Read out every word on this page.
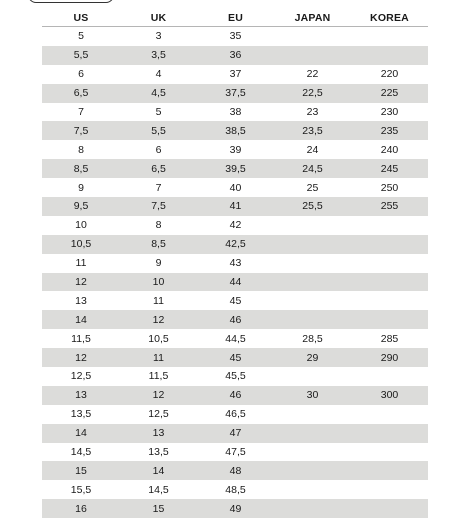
US	UK	EU	JAPAN	KOREA
5	3	35
5,5	3,5	36
6	4	37	22	220
6,5	4,5	37,5	22,5	225
7	5	38	23	230
7,5	5,5	38,5	23,5	235
8	6	39	24	240
8,5	6,5	39,5	24,5	245
9	7	40	25	250
9,5	7,5	41	25,5	255
10	8	42
10,5	8,5	42,5
11	9	43
12	10	44
13	11	45
14	12	46
11,5	10,5	44,5	28,5	285
12	11	45	29	290
12,5	11,5	45,5
13	12	46	30	300
13,5	12,5	46,5
14	13	47
14,5	13,5	47,5
15	14	48
15,5	14,5	48,5
16	15	49
